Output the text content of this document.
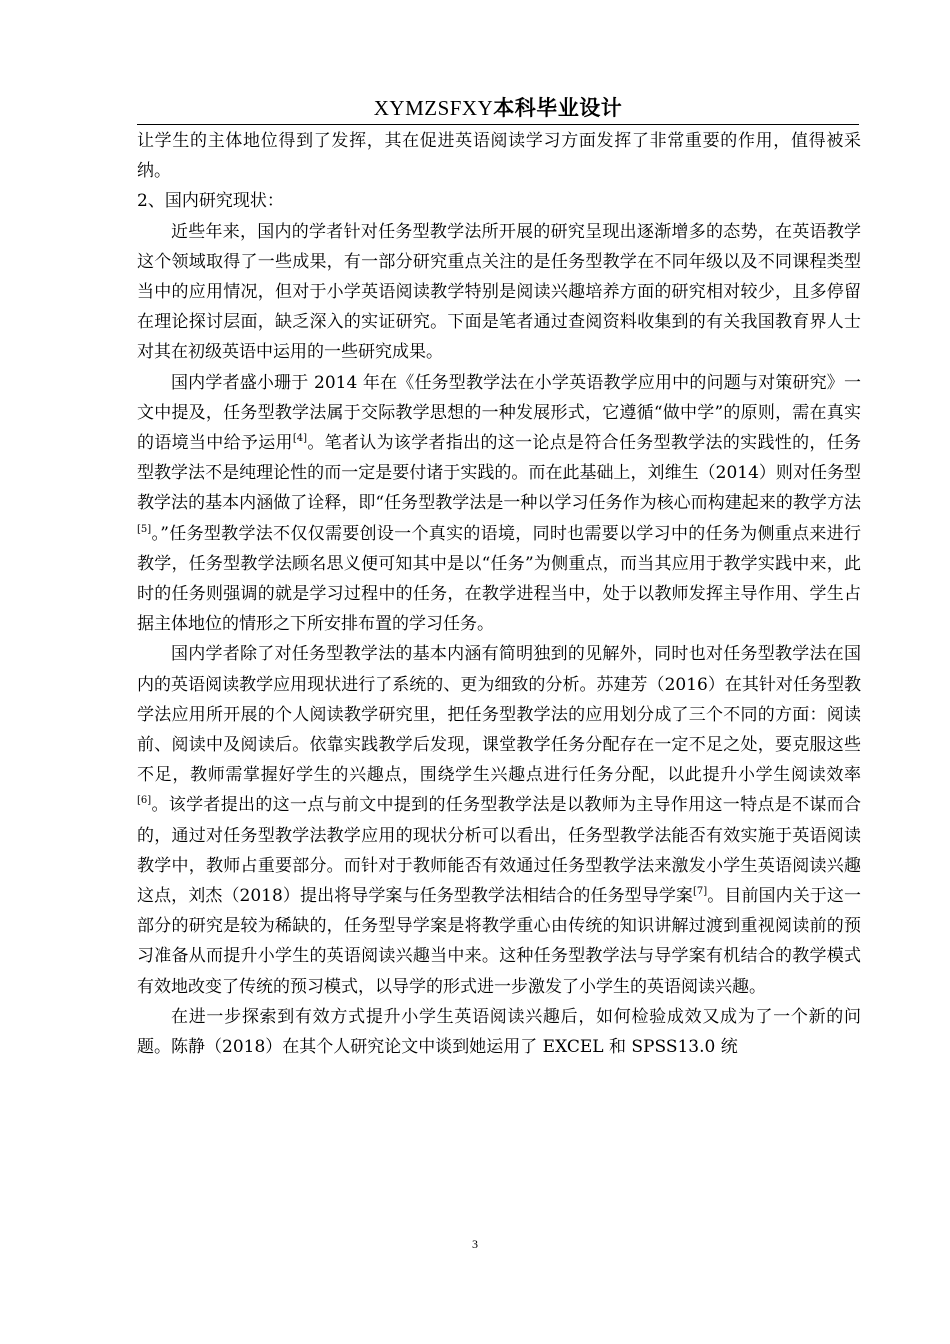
XYMZSFXY本科毕业设计

让学生的主体地位得到了发挥，其在促进英语阅读学习方面发挥了非常重要的作用，值得被采纳。

2、国内研究现状：

近些年来，国内的学者针对任务型教学法所开展的研究呈现出逐渐增多的态势，在英语教学这个领域取得了一些成果，有一部分研究重点关注的是任务型教学在不同年级以及不同课程类型当中的应用情况，但对于小学英语阅读教学特别是阅读兴趣培养方面的研究相对较少，且多停留在理论探讨层面，缺乏深入的实证研究。下面是笔者通过查阅资料收集到的有关我国教育界人士对其在初级英语中运用的一些研究成果。

国内学者盛小珊于 2014 年在《任务型教学法在小学英语教学应用中的问题与对策研究》一文中提及，任务型教学法属于交际教学思想的一种发展形式，它遵循“做中学”的原则，需在真实的语境当中给予运用[4]。笔者认为该学者指出的这一论点是符合任务型教学法的实践性的，任务型教学法不是纯理论性的而一定是要付诸于实践的。而在此基础上，刘维生（2014）则对任务型教学法的基本内涵做了诠释，即“任务型教学法是一种以学习任务作为核心而构建起来的教学方法[5]。”任务型教学法不仅仅需要创设一个真实的语境，同时也需要以学习中的任务为侧重点来进行教学，任务型教学法顾名思义便可知其中是以“任务”为侧重点，而当其应用于教学实践中来，此时的任务则强调的就是学习过程中的任务，在教学进程当中，处于以教师发挥主导作用、学生占据主体地位的情形之下所安排布置的学习任务。

国内学者除了对任务型教学法的基本内涵有简明独到的见解外，同时也对任务型教学法在国内的英语阅读教学应用现状进行了系统的、更为细致的分析。苏建芳（2016）在其针对任务型教学法应用所开展的个人阅读教学研究里，把任务型教学法的应用划分成了三个不同的方面：阅读前、阅读中及阅读后。依靠实践教学后发现，课堂教学任务分配存在一定不足之处，要克服这些不足，教师需掌握好学生的兴趣点，围绕学生兴趣点进行任务分配，以此提升小学生阅读效率[6]。该学者提出的这一点与前文中提到的任务型教学法是以教师为主导作用这一特点是不谋而合的，通过对任务型教学法教学应用的现状分析可以看出，任务型教学法能否有效实施于英语阅读教学中，教师占重要部分。而针对于教师能否有效通过任务型教学法来激发小学生英语阅读兴趣这点，刘杰（2018）提出将导学案与任务型教学法相结合的任务型导学案[7]。目前国内关于这一部分的研究是较为稀缺的，任务型导学案是将教学重心由传统的知识讲解过渡到重视阅读前的预习准备从而提升小学生的英语阅读兴趣当中来。这种任务型教学法与导学案有机结合的教学模式有效地改变了传统的预习模式，以导学的形式进一步激发了小学生的英语阅读兴趣。

在进一步探索到有效方式提升小学生英语阅读兴趣后，如何检验成效又成为了一个新的问题。陈静（2018）在其个人研究论文中谈到她运用了 EXCEL 和 SPSS13.0 统

3
